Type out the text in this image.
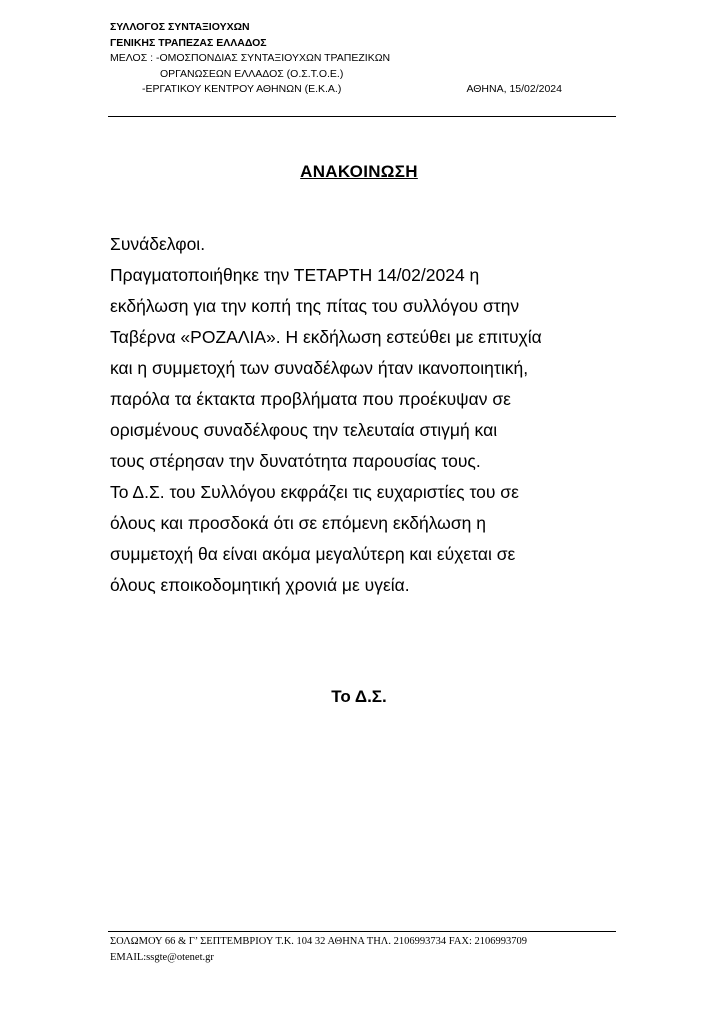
ΣΥΛΛΟΓΟΣ ΣΥΝΤΑΞΙΟΥΧΩΝ
ΓΕΝΙΚΗΣ ΤΡΑΠΕΖΑΣ ΕΛΛΑΔΟΣ
ΜΕΛΟΣ : -ΟΜΟΣΠΟΝΔΙΑΣ ΣΥΝΤΑΞΙΟΥΧΩΝ ΤΡΑΠΕΖΙΚΩΝ
ΟΡΓΑΝΩΣΕΩΝ ΕΛΛΑΔΟΣ (Ο.Σ.Τ.Ο.Ε.)
-ΕΡΓΑΤΙΚΟΥ ΚΕΝΤΡΟΥ ΑΘΗΝΩΝ (Ε.Κ.Α.)	ΑΘΗΝΑ, 15/02/2024
ΑΝΑΚΟΙΝΩΣΗ
Συνάδελφοι.
Πραγματοποιήθηκε την ΤΕΤΑΡΤΗ 14/02/2024 η
εκδήλωση για την κοπή της πίτας του συλλόγου στην
Ταβέρνα «ΡΟΖΑΛΙΑ». Η εκδήλωση εστεύθει με επιτυχία
και η συμμετοχή των συναδέλφων ήταν ικανοποιητική,
παρόλα τα έκτακτα προβλήματα που προέκυψαν σε
ορισμένους συναδέλφους την τελευταία στιγμή και
τους στέρησαν την δυνατότητα παρουσίας τους.
Το Δ.Σ. του Συλλόγου εκφράζει τις ευχαριστίες του σε
όλους και προσδοκά ότι σε επόμενη εκδήλωση η
συμμετοχή θα είναι ακόμα μεγαλύτερη και εύχεται σε
όλους εποικοδομητική χρονιά με υγεία.
Το Δ.Σ.
ΣΟΛΩΜΟΥ 66 & Γ’ ΣΕΠΤΕΜΒΡΙΟΥ Τ.Κ. 104 32 ΑΘΗΝΑ ΤΗΛ. 2106993734 FAX: 2106993709
EMAIL:ssgte@otenet.gr
